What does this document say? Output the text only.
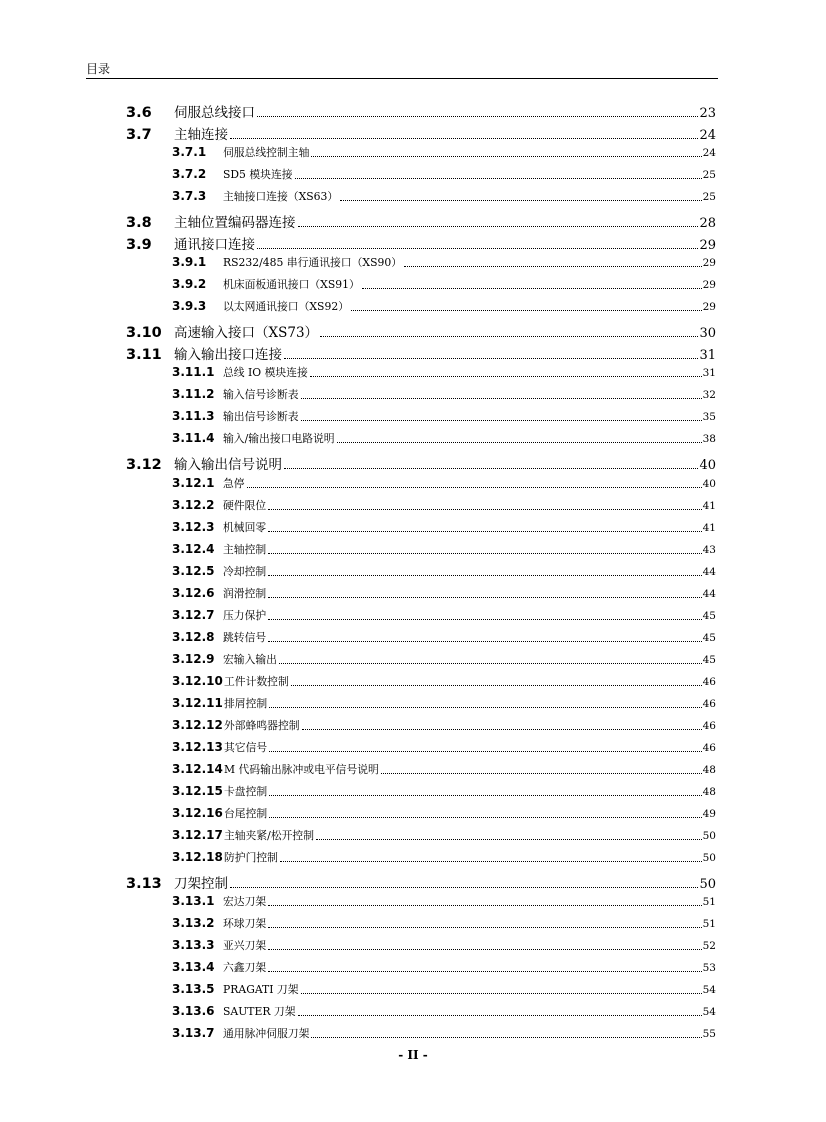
目录
3.6	伺服总线接口	23
3.7	主轴连接	24
3.7.1	伺服总线控制主轴	24
3.7.2	SD5 模块连接	25
3.7.3	主轴接口连接（XS63）	25
3.8	主轴位置编码器连接	28
3.9	通讯接口连接	29
3.9.1	RS232/485 串行通讯接口（XS90）	29
3.9.2	机床面板通讯接口（XS91）	29
3.9.3	以太网通讯接口（XS92）	29
3.10 高速输入接口（XS73）	30
3.11 输入输出接口连接	31
3.11.1 总线 IO 模块连接	31
3.11.2 输入信号诊断表	32
3.11.3 输出信号诊断表	35
3.11.4 输入/输出接口电路说明	38
3.12 输入输出信号说明	40
3.12.1 急停	40
3.12.2 硬件限位	41
3.12.3 机械回零	41
3.12.4 主轴控制	43
3.12.5 冷却控制	44
3.12.6 润滑控制	44
3.12.7 压力保护	45
3.12.8 跳转信号	45
3.12.9 宏输入输出	45
3.12.10 工件计数控制	46
3.12.11 排屑控制	46
3.12.12 外部蜂鸣器控制	46
3.12.13 其它信号	46
3.12.14 M 代码输出脉冲或电平信号说明	48
3.12.15 卡盘控制	48
3.12.16 台尾控制	49
3.12.17 主轴夹紧/松开控制	50
3.12.18 防护门控制	50
3.13 刀架控制	50
3.13.1 宏达刀架	51
3.13.2 环球刀架	51
3.13.3 亚兴刀架	52
3.13.4 六鑫刀架	53
3.13.5 PRAGATI 刀架	54
3.13.6 SAUTER 刀架	54
3.13.7 通用脉冲伺服刀架	55
- II -
